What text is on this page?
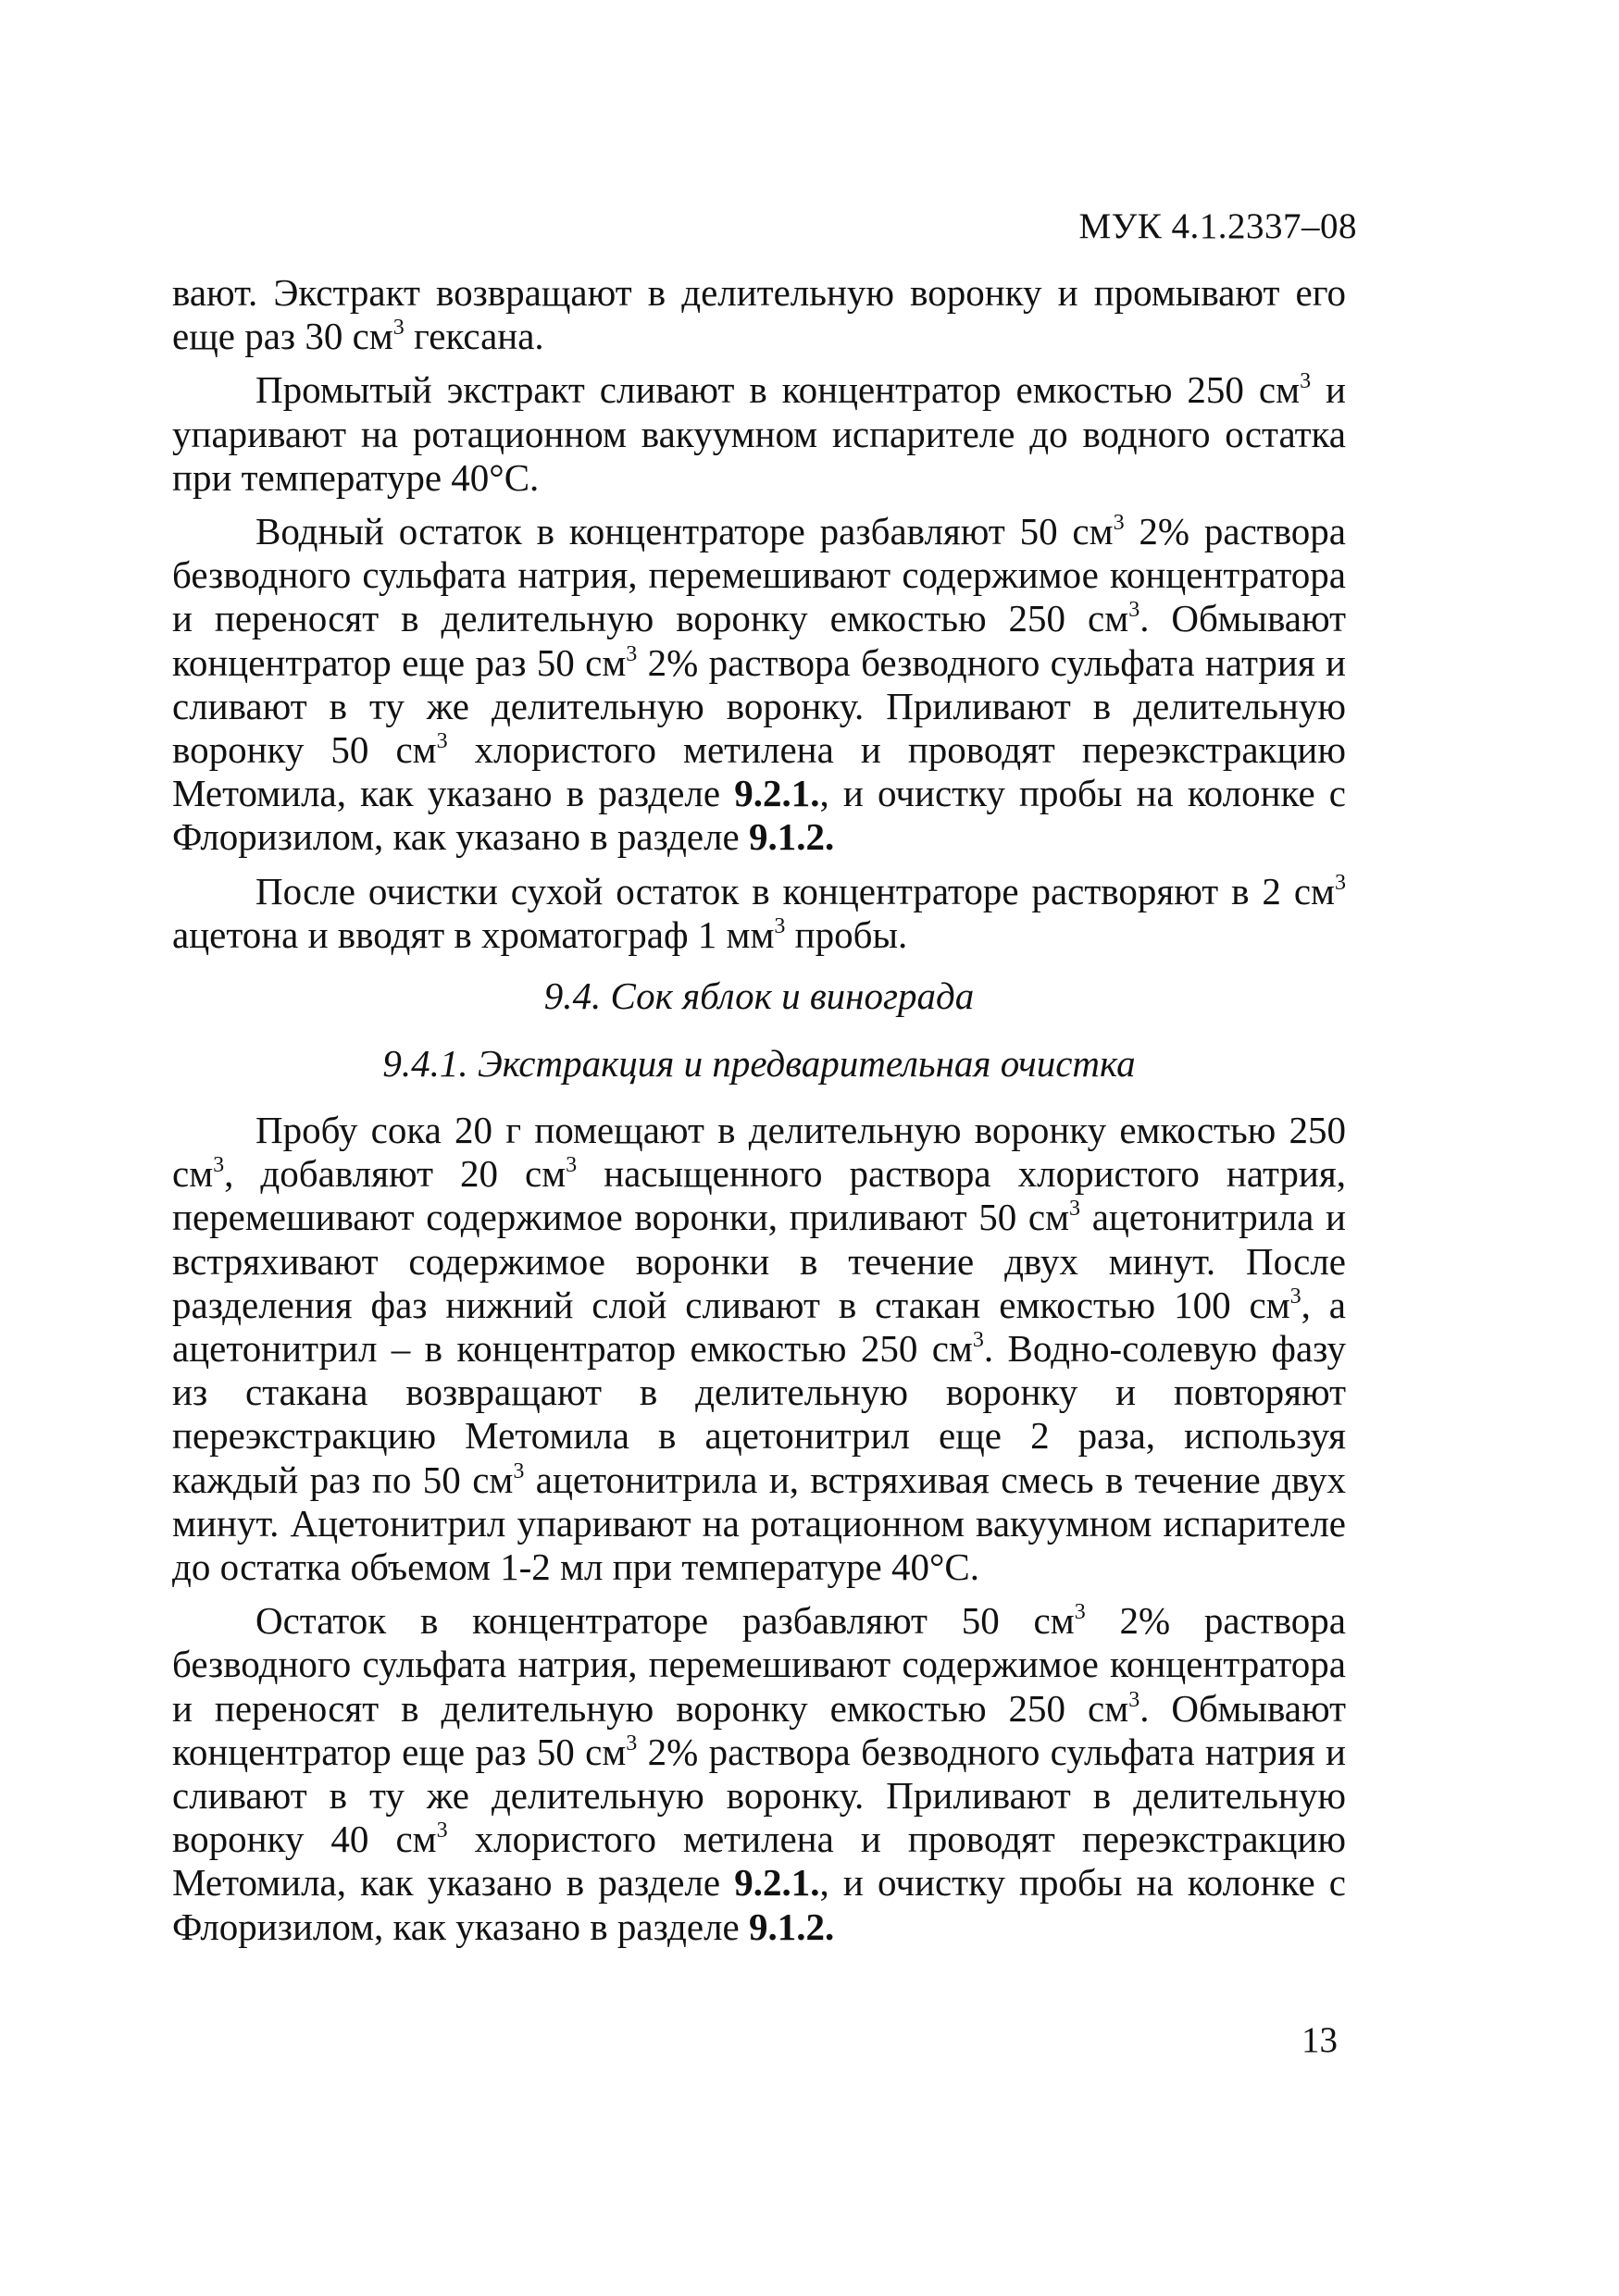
МУК 4.1.2337–08

вают. Экстракт возвращают в делительную воронку и промывают его еще раз 30 $см^3$ гексана.

Промытый экстракт сливают в концентратор емкостью 250 $см^3$ и упаривают на ротационном вакуумном испарителе до водного остатка при температуре 40°С.

Водный остаток в концентраторе разбавляют 50 $см^3$ 2% раствора безводного сульфата натрия, перемешивают содержимое концентратора и переносят в делительную воронку емкостью 250 $см^3$. Обмывают концентратор еще раз 50 $см^3$ 2% раствора безводного сульфата натрия и сливают в ту же делительную воронку. Приливают в делительную воронку 50 $см^3$ хлористого метилена и проводят переэкстракцию Метомила, как указано в разделе 9.2.1., и очистку пробы на колонке с Флоризилом, как указано в разделе 9.1.2.

После очистки сухой остаток в концентраторе растворяют в 2 $см^3$ ацетона и вводят в хроматограф 1 $мм^3$ пробы.

9.4. Сок яблок и винограда
9.4.1. Экстракция и предварительная очистка

Пробу сока 20 г помещают в делительную воронку емкостью 250 $см^3$, добавляют 20 $см^3$ насыщенного раствора хлористого натрия, перемешивают содержимое воронки, приливают 50 $см^3$ ацетонитрила и встряхивают содержимое воронки в течение двух минут. После разделения фаз нижний слой сливают в стакан емкостью 100 $см^3$, а ацетонитрил – в концентратор емкостью 250 $см^3$. Водно-солевую фазу из стакана возвращают в делительную воронку и повторяют переэкстракцию Метомила в ацетонитрил еще 2 раза, используя каждый раз по 50 $см^3$ ацетонитрила и, встряхивая смесь в течение двух минут. Ацетонитрил упаривают на ротационном вакуумном испарителе до остатка объемом 1-2 мл при температуре 40°С.

Остаток в концентраторе разбавляют 50 $см^3$ 2% раствора безводного сульфата натрия, перемешивают содержимое концентратора и переносят в делительную воронку емкостью 250 $см^3$. Обмывают концентратор еще раз 50 $см^3$ 2% раствора безводного сульфата натрия и сливают в ту же делительную воронку. Приливают в делительную воронку 40 $см^3$ хлористого метилена и проводят переэкстракцию Метомила, как указано в разделе 9.2.1., и очистку пробы на колонке с Флоризилом, как указано в разделе 9.1.2.

13
